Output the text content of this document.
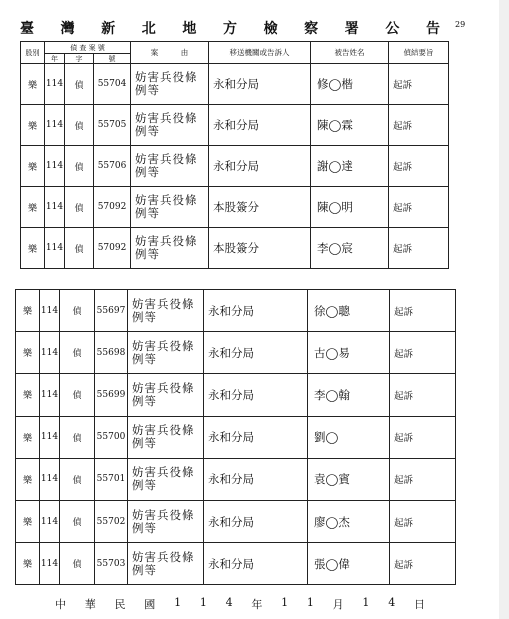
臺 灣 新 北 地 方 檢 察 署 公 告 29
股別	偵 查 案 號			案　　　由	移送機關或告訴人	被告姓名	偵結要旨
	年	字	號				
樂	114	偵	55704	妨害兵役條例等	永和分局	修◯楷	起訴
樂	114	偵	55705	妨害兵役條例等	永和分局	陳◯霖	起訴
樂	114	偵	55706	妨害兵役條例等	永和分局	謝◯達	起訴
樂	114	偵	57092	妨害兵役條例等	本股簽分	陳◯明	起訴
樂	114	偵	57092	妨害兵役條例等	本股簽分	李◯宸	起訴
樂	114	偵	55697	妨害兵役條例等	永和分局	徐◯聰	起訴
樂	114	偵	55698	妨害兵役條例等	永和分局	古◯易	起訴
樂	114	偵	55699	妨害兵役條例等	永和分局	李◯翰	起訴
樂	114	偵	55700	妨害兵役條例等	永和分局	劉◯	起訴
樂	114	偵	55701	妨害兵役條例等	永和分局	袁◯賓	起訴
樂	114	偵	55702	妨害兵役條例等	永和分局	廖◯杰	起訴
樂	114	偵	55703	妨害兵役條例等	永和分局	張◯偉	起訴
中 華 民 國 1 1 4 年 1 1 月 1 4 日
